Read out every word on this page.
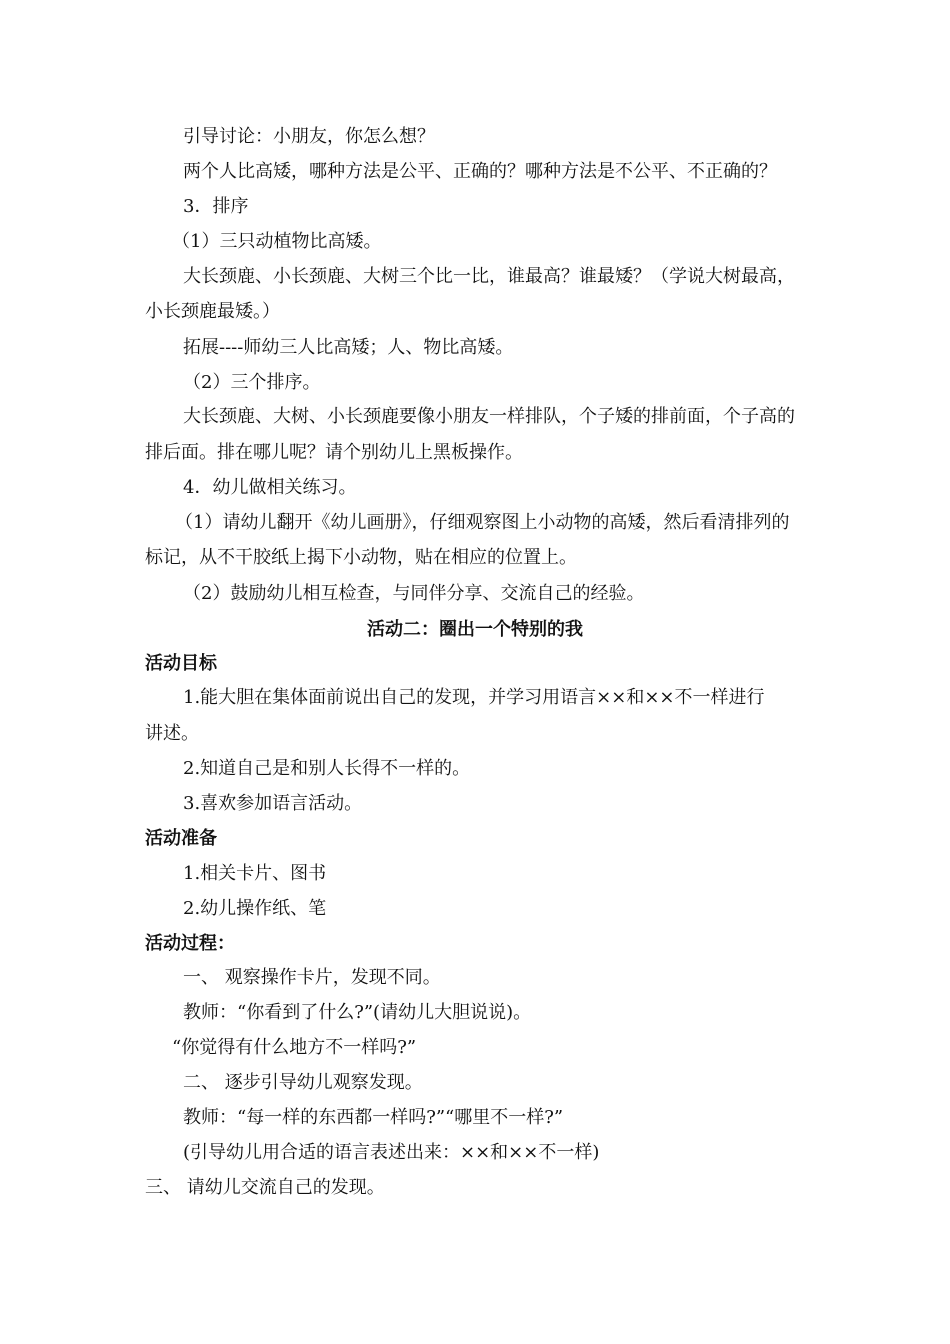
引导讨论：小朋友，你怎么想？
两个人比高矮，哪种方法是公平、正确的？哪种方法是不公平、不正确的？
3．排序
（1）三只动植物比高矮。
大长颈鹿、小长颈鹿、大树三个比一比，谁最高？谁最矮？（学说大树最高，
小长颈鹿最矮。）
拓展----师幼三人比高矮；人、物比高矮。
（2）三个排序。
大长颈鹿、大树、小长颈鹿要像小朋友一样排队，个子矮的排前面，个子高的
排后面。排在哪儿呢？请个别幼儿上黑板操作。
4．幼儿做相关练习。
（1）请幼儿翻开《幼儿画册》，仔细观察图上小动物的高矮，然后看清排列的
标记，从不干胶纸上揭下小动物，贴在相应的位置上。
（2）鼓励幼儿相互检查，与同伴分享、交流自己的经验。
活动二：圈出一个特别的我
活动目标
1.能大胆在集体面前说出自己的发现，并学习用语言××和××不一样进行
讲述。
2.知道自己是和别人长得不一样的。
3.喜欢参加语言活动。
活动准备
1.相关卡片、图书
2.幼儿操作纸、笔
活动过程：
一、 观察操作卡片，发现不同。
教师：“你看到了什么?”(请幼儿大胆说说)。
“你觉得有什么地方不一样吗?”
二、 逐步引导幼儿观察发现。
教师：“每一样的东西都一样吗?”“哪里不一样?”
(引导幼儿用合适的语言表述出来：××和××不一样)
三、 请幼儿交流自己的发现。
